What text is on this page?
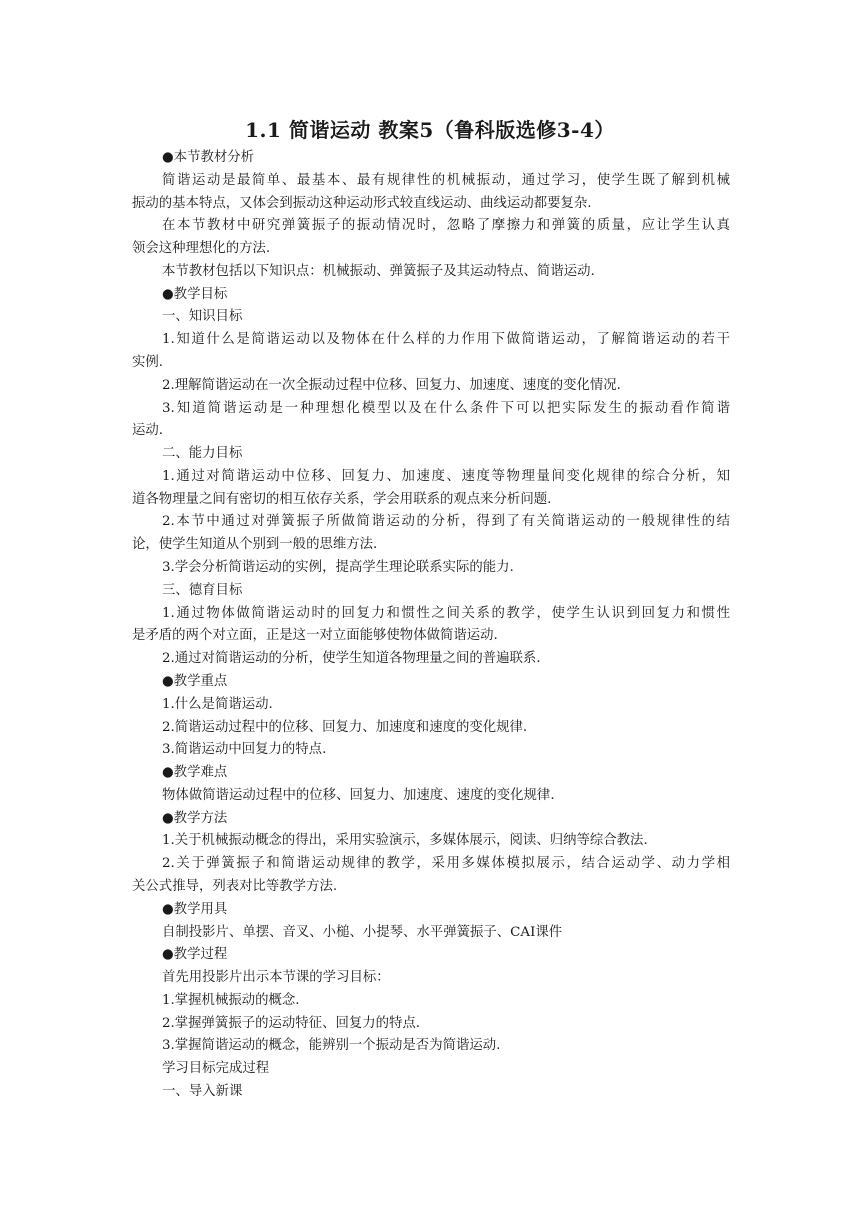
1.1 简谐运动 教案5（鲁科版选修3-4）
●本节教材分析
简谐运动是最简单、最基本、最有规律性的机械振动，通过学习，使学生既了解到机械
振动的基本特点，又体会到振动这种运动形式较直线运动、曲线运动都要复杂.
在本节教材中研究弹簧振子的振动情况时，忽略了摩擦力和弹簧的质量，应让学生认真
领会这种理想化的方法.
本节教材包括以下知识点：机械振动、弹簧振子及其运动特点、简谐运动.
●教学目标
一、知识目标
1.知道什么是简谐运动以及物体在什么样的力作用下做简谐运动，了解简谐运动的若干
实例.
2.理解简谐运动在一次全振动过程中位移、回复力、加速度、速度的变化情况.
3.知道简谐运动是一种理想化模型以及在什么条件下可以把实际发生的振动看作简谐
运动.
二、能力目标
1.通过对简谐运动中位移、回复力、加速度、速度等物理量间变化规律的综合分析，知
道各物理量之间有密切的相互依存关系，学会用联系的观点来分析问题.
2.本节中通过对弹簧振子所做简谐运动的分析，得到了有关简谐运动的一般规律性的结
论，使学生知道从个别到一般的思维方法.
3.学会分析简谐运动的实例，提高学生理论联系实际的能力.
三、德育目标
1.通过物体做简谐运动时的回复力和惯性之间关系的教学，使学生认识到回复力和惯性
是矛盾的两个对立面，正是这一对立面能够使物体做简谐运动.
2.通过对简谐运动的分析，使学生知道各物理量之间的普遍联系.
●教学重点
1.什么是简谐运动.
2.简谐运动过程中的位移、回复力、加速度和速度的变化规律.
3.简谐运动中回复力的特点.
●教学难点
物体做简谐运动过程中的位移、回复力、加速度、速度的变化规律.
●教学方法
1.关于机械振动概念的得出，采用实验演示，多媒体展示，阅读、归纳等综合教法.
2.关于弹簧振子和简谐运动规律的教学，采用多媒体模拟展示，结合运动学、动力学相
关公式推导，列表对比等教学方法.
●教学用具
自制投影片、单摆、音叉、小槌、小提琴、水平弹簧振子、CAI课件
●教学过程
首先用投影片出示本节课的学习目标：
1.掌握机械振动的概念.
2.掌握弹簧振子的运动特征、回复力的特点.
3.掌握简谐运动的概念，能辨别一个振动是否为简谐运动.
学习目标完成过程
一、导入新课
